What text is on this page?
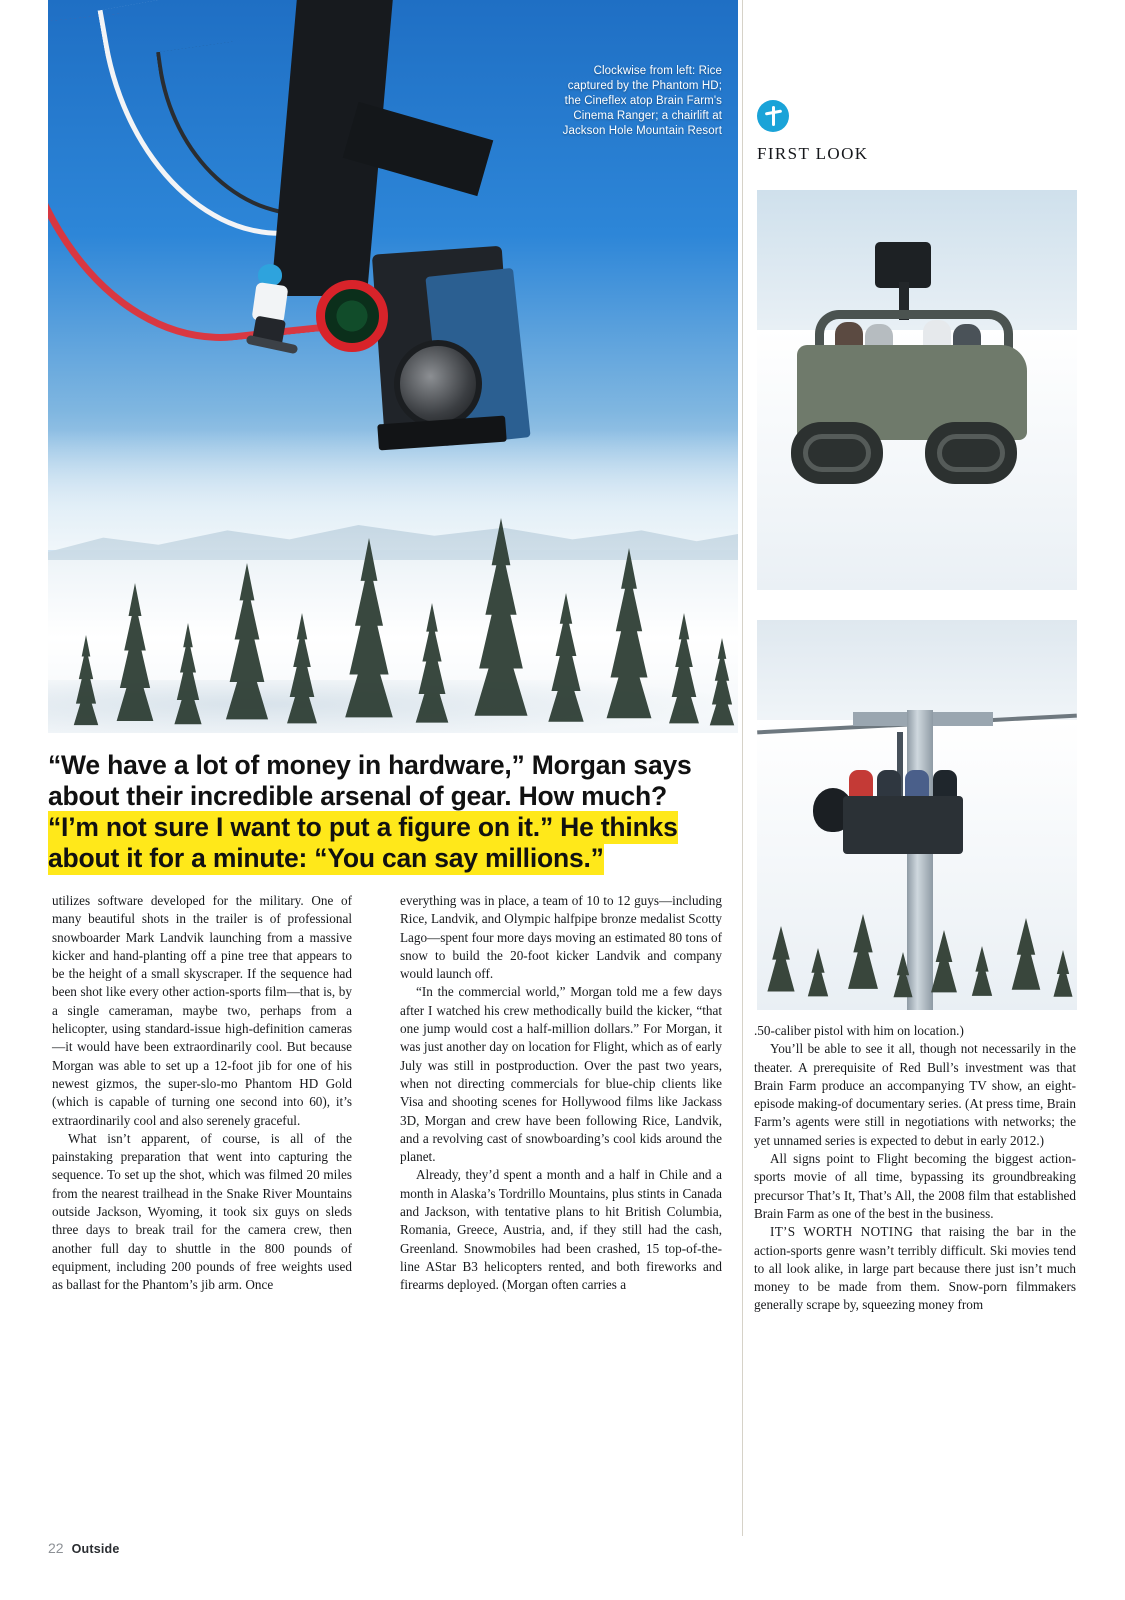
Clockwise from left: Rice captured by the Phantom HD; the Cineflex atop Brain Farm's Cinema Ranger; a chairlift at Jackson Hole Mountain Resort
“We have a lot of money in hardware,” Morgan says
about their incredible arsenal of gear. How much?
“I’m not sure I want to put a figure on it.” He thinks
about it for a minute: “You can say millions.”

utilizes software developed for the military. One of many beautiful shots in the trailer is of professional snowboarder Mark Landvik launching from a massive kicker and hand-planting off a pine tree that appears to be the height of a small skyscraper. If the sequence had been shot like every other action-sports film—that is, by a single cameraman, maybe two, perhaps from a helicopter, using standard-issue high-definition cameras—it would have been extraordinarily cool. But because Morgan was able to set up a 12-foot jib for one of his newest gizmos, the super-slo-mo Phantom HD Gold (which is capable of turning one second into 60), it’s extraordinarily cool and also serenely graceful.

What isn’t apparent, of course, is all of the painstaking preparation that went into capturing the sequence. To set up the shot, which was filmed 20 miles from the nearest trailhead in the Snake River Mountains outside Jackson, Wyoming, it took six guys on sleds three days to break trail for the camera crew, then another full day to shuttle in the 800 pounds of equipment, including 200 pounds of free weights used as ballast for the Phantom’s jib arm. Once

everything was in place, a team of 10 to 12 guys—including Rice, Landvik, and Olympic halfpipe bronze medalist Scotty Lago—spent four more days moving an estimated 80 tons of snow to build the 20-foot kicker Landvik and company would launch off.

“In the commercial world,” Morgan told me a few days after I watched his crew methodically build the kicker, “that one jump would cost a half-million dollars.” For Morgan, it was just another day on location for Flight, which as of early July was still in postproduction. Over the past two years, when not directing commercials for blue-chip clients like Visa and shooting scenes for Hollywood films like Jackass 3D, Morgan and crew have been following Rice, Landvik, and a revolving cast of snowboarding’s cool kids around the planet.

Already, they’d spent a month and a half in Chile and a month in Alaska’s Tordrillo Mountains, plus stints in Canada and Jackson, with tentative plans to hit British Columbia, Romania, Greece, Austria, and, if they still had the cash, Greenland. Snowmobiles had been crashed, 15 top-of-the-line AStar B3 helicopters rented, and both fireworks and firearms deployed. (Morgan often carries a

.50-caliber pistol with him on location.)

You’ll be able to see it all, though not necessarily in the theater. A prerequisite of Red Bull’s investment was that Brain Farm produce an accompanying TV show, an eight-episode making-of documentary series. (At press time, Brain Farm’s agents were still in negotiations with networks; the yet unnamed series is expected to debut in early 2012.)

All signs point to Flight becoming the biggest action-sports movie of all time, bypassing its groundbreaking precursor That’s It, That’s All, the 2008 film that established Brain Farm as one of the best in the business.

IT’S WORTH NOTING that raising the bar in the action-sports genre wasn’t terribly difficult. Ski movies tend to all look alike, in large part because there just isn’t much money to be made from them. Snow-porn filmmakers generally scrape by, squeezing money from

FIRST LOOK
22 Outside
